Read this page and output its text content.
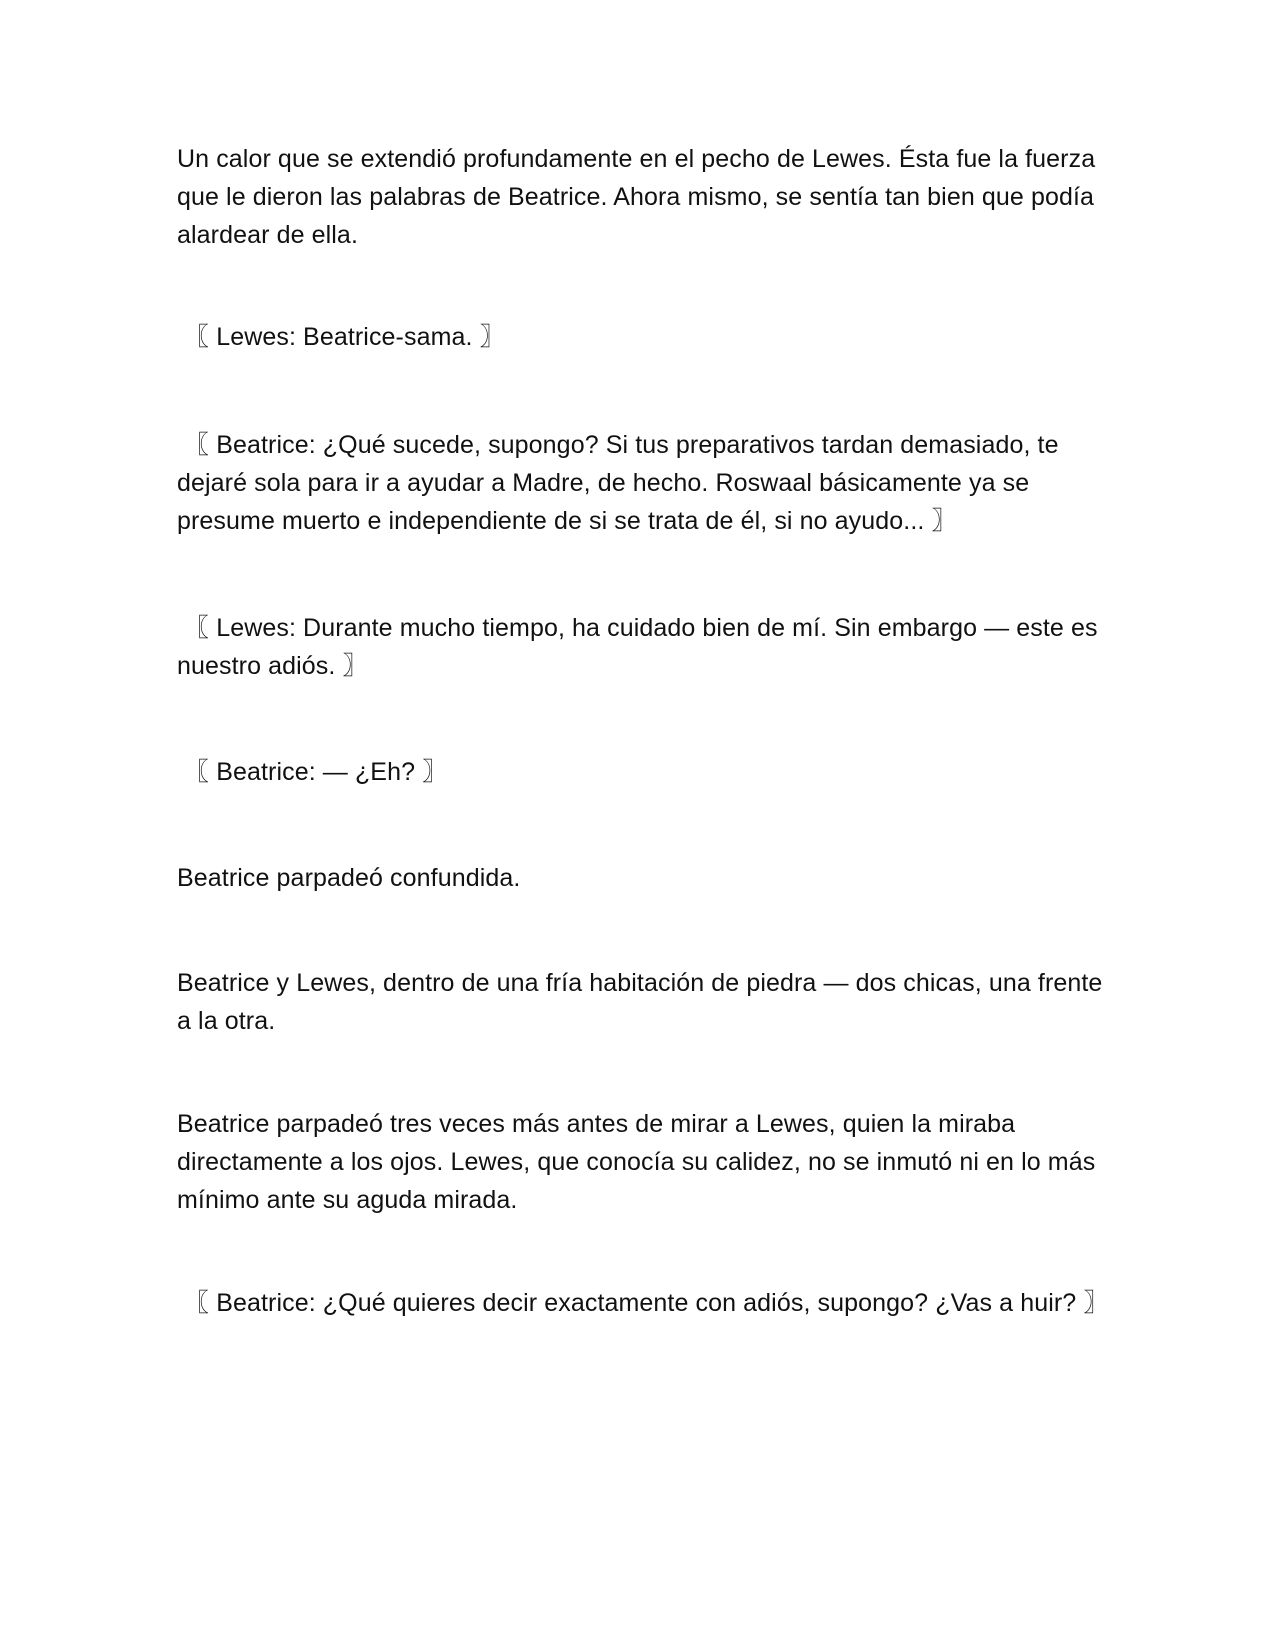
Un calor que se extendió profundamente en el pecho de Lewes. Ésta fue la fuerza que le dieron las palabras de Beatrice. Ahora mismo, se sentía tan bien que podía alardear de ella.

〖 Lewes: Beatrice-sama. 〗

〖 Beatrice: ¿Qué sucede, supongo? Si tus preparativos tardan demasiado, te dejaré sola para ir a ayudar a Madre, de hecho. Roswaal básicamente ya se presume muerto e independiente de si se trata de él, si no ayudo... 〗

〖 Lewes: Durante mucho tiempo, ha cuidado bien de mí. Sin embargo — este es nuestro adiós. 〗

〖 Beatrice: — ¿Eh? 〗

Beatrice parpadeó confundida.

Beatrice y Lewes, dentro de una fría habitación de piedra — dos chicas, una frente a la otra.

Beatrice parpadeó tres veces más antes de mirar a Lewes, quien la miraba directamente a los ojos. Lewes, que conocía su calidez, no se inmutó ni en lo más mínimo ante su aguda mirada.

〖 Beatrice: ¿Qué quieres decir exactamente con adiós, supongo? ¿Vas a huir? 〗
